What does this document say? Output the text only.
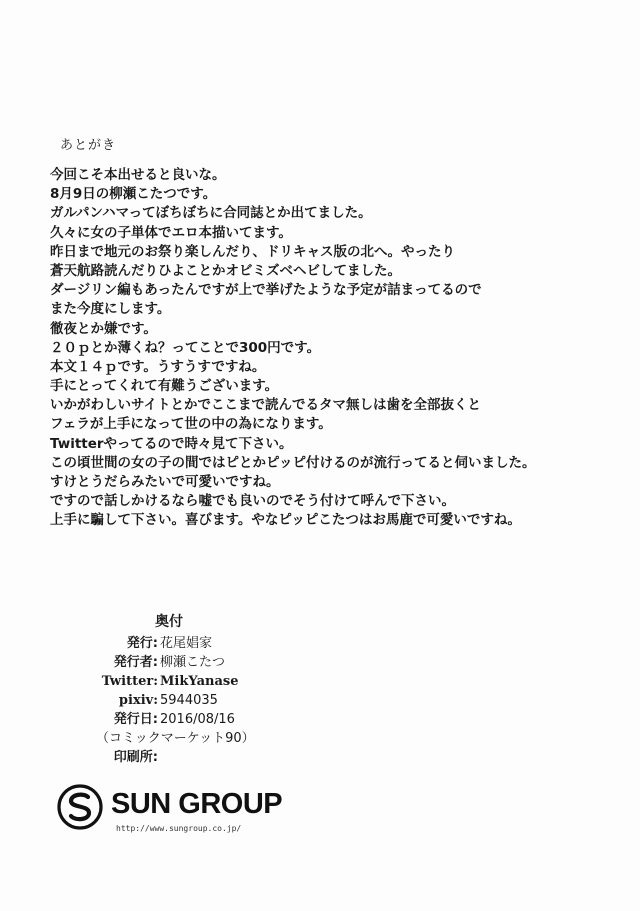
あとがき
今回こそ本出せると良いな。
8月9日の柳瀬こたつです。
ガルパンハマってぼちぼちに合同誌とか出てました。
久々に女の子単体でエロ本描いてます。
昨日まで地元のお祭り楽しんだり、ドリキャス版の北へ。やったり
蒼天航路読んだりひよことかオビミズベヘビしてました。
ダージリン編もあったんですが上で挙げたような予定が詰まってるので
また今度にします。
徹夜とか嫌です。
２０ｐとか薄くね？ってことで300円です。
本文１４ｐです。うすうすですね。
手にとってくれて有難うございます。
いかがわしいサイトとかでここまで読んでるタマ無しは歯を全部抜くと
フェラが上手になって世の中の為になります。
Twitterやってるので時々見て下さい。
この頃世間の女の子の間ではピとかピッピ付けるのが流行ってると伺いました。
すけとうだらみたいで可愛いですね。
ですので話しかけるなら嘘でも良いのでそう付けて呼んで下さい。
上手に騙して下さい。喜びます。やなピッピこたつはお馬鹿で可愛いですね。
奥付
発行: 花尾娼家
発行者: 柳瀬こたつ
Twitter: MikYanase
pixiv: 5944035
発行日: 2016/08/16
（コミックマーケット90）
印刷所:
SUN GROUP
http://www.sungroup.co.jp/
